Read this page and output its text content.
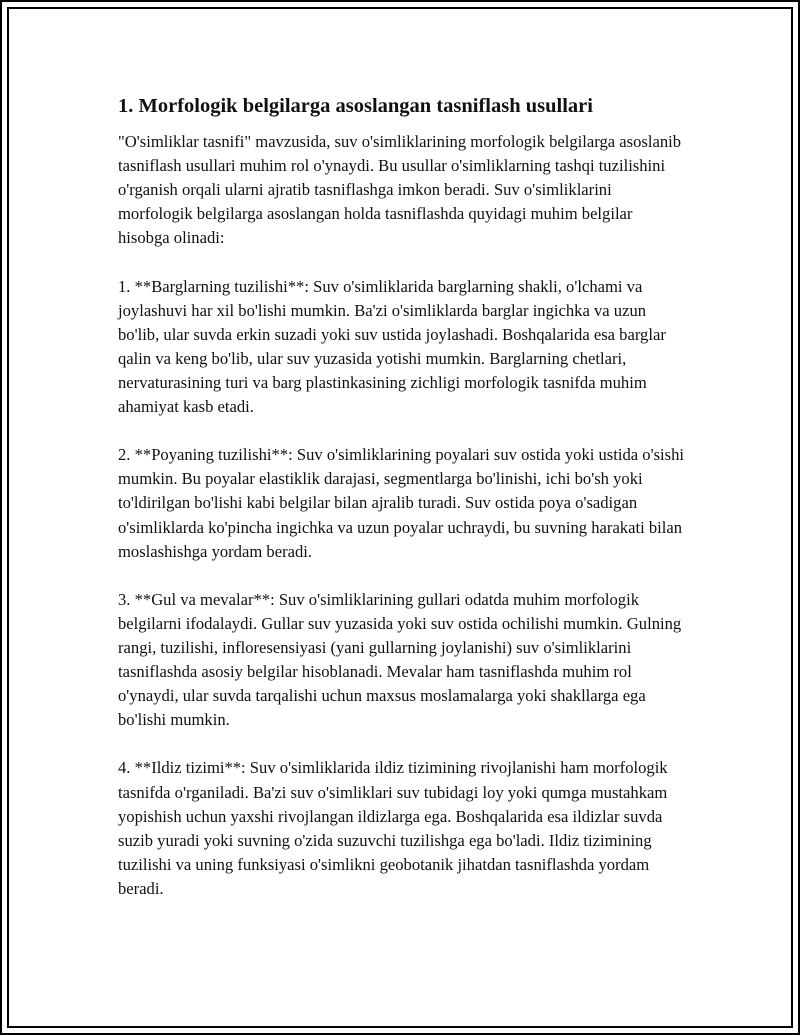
1. Morfologik belgilarga asoslangan tasniflash usullari

"O'simliklar tasnifi" mavzusida, suv o'simliklarining morfologik belgilarga asoslanib tasniflash usullari muhim rol o'ynaydi. Bu usullar o'simliklarning tashqi tuzilishini o'rganish orqali ularni ajratib tasniflashga imkon beradi. Suv o'simliklarini morfologik belgilarga asoslangan holda tasniflashda quyidagi muhim belgilar hisobga olinadi:

1. **Barglarning tuzilishi**: Suv o'simliklarida barglarning shakli, o'lchami va joylashuvi har xil bo'lishi mumkin. Ba'zi o'simliklarda barglar ingichka va uzun bo'lib, ular suvda erkin suzadi yoki suv ustida joylashadi. Boshqalarida esa barglar qalin va keng bo'lib, ular suv yuzasida yotishi mumkin. Barglarning chetlari, nervaturasining turi va barg plastinkasining zichligi morfologik tasnifda muhim ahamiyat kasb etadi.

2. **Poyaning tuzilishi**: Suv o'simliklarining poyalari suv ostida yoki ustida o'sishi mumkin. Bu poyalar elastiklik darajasi, segmentlarga bo'linishi, ichi bo'sh yoki to'ldirilgan bo'lishi kabi belgilar bilan ajralib turadi. Suv ostida poya o'sadigan o'simliklarda ko'pincha ingichka va uzun poyalar uchraydi, bu suvning harakati bilan moslashishga yordam beradi.

3. **Gul va mevalar**: Suv o'simliklarining gullari odatda muhim morfologik belgilarni ifodalaydi. Gullar suv yuzasida yoki suv ostida ochilishi mumkin. Gulning rangi, tuzilishi, infloresensiyasi (yani gullarning joylanishi) suv o'simliklarini tasniflashda asosiy belgilar hisoblanadi. Mevalar ham tasniflashda muhim rol o'ynaydi, ular suvda tarqalishi uchun maxsus moslamalarga yoki shakllarga ega bo'lishi mumkin.

4. **Ildiz tizimi**: Suv o'simliklarida ildiz tizimining rivojlanishi ham morfologik tasnifda o'rganiladi. Ba'zi suv o'simliklari suv tubidagi loy yoki qumga mustahkam yopishish uchun yaxshi rivojlangan ildizlarga ega. Boshqalarida esa ildizlar suvda suzib yuradi yoki suvning o'zida suzuvchi tuzilishga ega bo'ladi. Ildiz tizimining tuzilishi va uning funksiyasi o'simlikni geobotanik jihatdan tasniflashda yordam beradi.
